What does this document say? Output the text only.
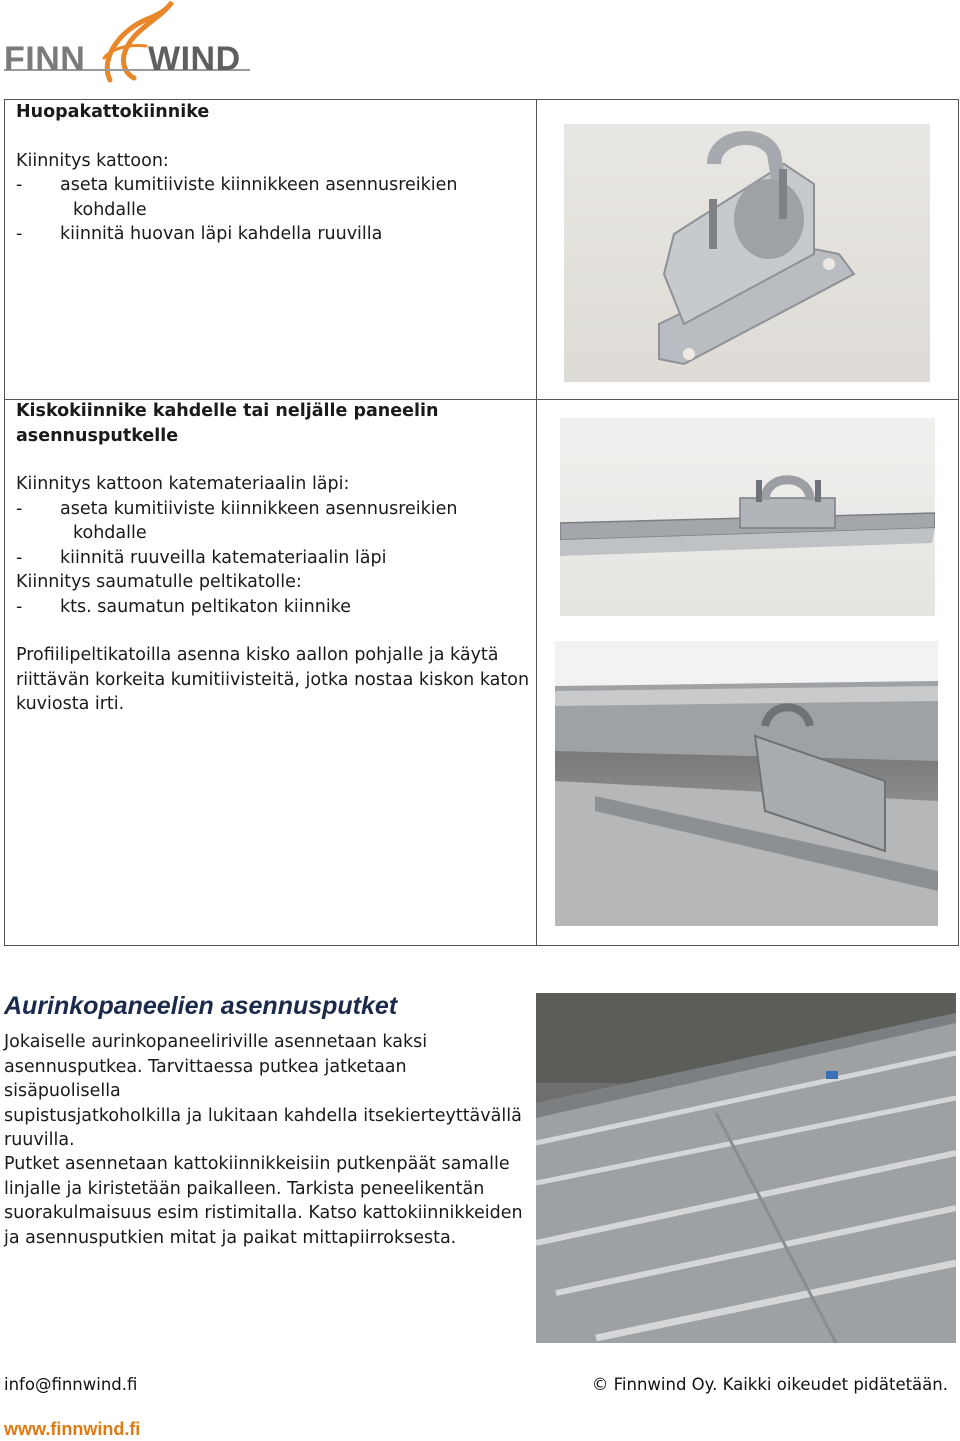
FINN WIND

Huopakattokiinnike

Kiinnitys kattoon:

-	aseta kumitiiviste kiinnikkeen asennusreikien

kohdalle

-	kiinnitä huovan läpi kahdella ruuvilla

Kiskokiinnike kahdelle tai neljälle paneelin

asennusputkelle

Kiinnitys kattoon katemateriaalin läpi:

-	aseta kumitiiviste kiinnikkeen asennusreikien

kohdalle

-	kiinnitä ruuveilla katemateriaalin läpi

Kiinnitys saumatulle peltikatolle:

-	kts. saumatun peltikaton kiinnike

Profiilipeltikatoilla asenna kisko aallon pohjalle ja käytä

riittävän korkeita kumitiivisteitä, jotka nostaa kiskon katon

kuviosta irti.

Aurinkopaneelien asennusputket

Jokaiselle aurinkopaneeliriville asennetaan kaksi

asennusputkea. Tarvittaessa putkea jatketaan sisäpuolisella

supistusjatkoholkilla ja lukitaan kahdella itsekierteyttävällä

ruuvilla.

Putket asennetaan kattokiinnikkeisiin putkenpäät samalle

linjalle ja kiristetään paikalleen. Tarkista peneelikentän

suorakulmaisuus esim ristimitalla. Katso kattokiinnikkeiden

ja asennusputkien mitat ja paikat mittapiirroksesta.

info@finnwind.fi	© Finnwind Oy. Kaikki oikeudet pidätetään.
www.finnwind.fi
